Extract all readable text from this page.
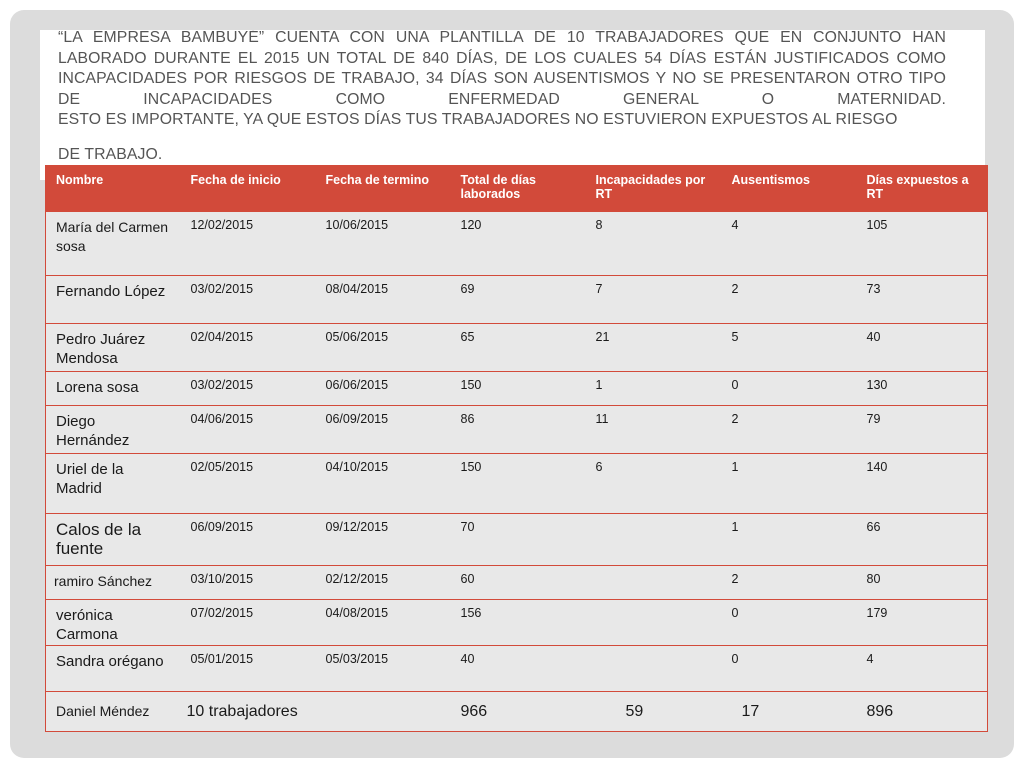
“LA EMPRESA BAMBUYÉ” CUENTA CON UNA PLANTILLA DE 10 TRABAJADORES QUE EN CONJUNTO HAN LABORADO DURANTE EL 2015 UN TOTAL DE 840 DÍAS, DE LOS CUALES 54 DÍAS ESTÁN JUSTIFICADOS COMO INCAPACIDADES POR RIESGOS DE TRABAJO, 34 DÍAS SON AUSENTISMOS Y NO SE PRESENTARON OTRO TIPO DE INCAPACIDADES COMO ENFERMEDAD GENERAL O MATERNIDAD.
ESTO ES IMPORTANTE, YA QUE ESTOS DÍAS TUS TRABAJADORES NO ESTUVIERON EXPUESTOS AL RIESGO
DE TRABAJO.
Nombre	Fecha de inicio	Fecha de termino	Total de días laborados	Incapacidades por RT	Ausentismos	Días expuestos a RT
María del Carmen sosa	12/02/2015	10/06/2015	120	8	4	105
Fernando López	03/02/2015	08/04/2015	69	7	2	73
Pedro Juárez Mendosa	02/04/2015	05/06/2015	65	21	5	40
Lorena sosa	03/02/2015	06/06/2015	150	1	0	130
Diego Hernández	04/06/2015	06/09/2015	86	11	2	79
Uriel de la Madrid	02/05/2015	04/10/2015	150	6	1	140
Calos de la fuente	06/09/2015	09/12/2015	70		1	66
ramiro Sánchez	03/10/2015	02/12/2015	60		2	80
verónica Carmona	07/02/2015	04/08/2015	156		0	179
Sandra orégano	05/01/2015	05/03/2015	40		0	4
Daniel Méndez	10 trabajadores		966	59	17	896
